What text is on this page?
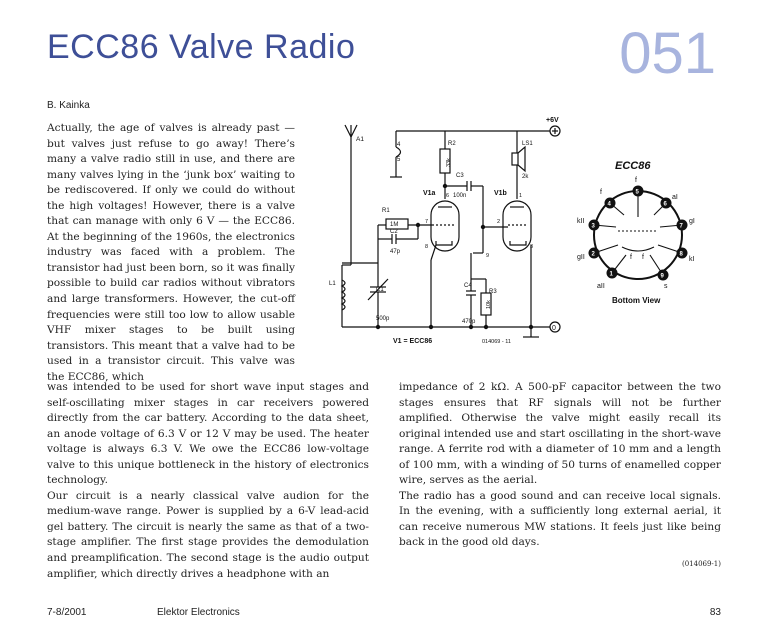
ECC86 Valve Radio	051
B. Kainka

Actually, the age of valves is already past — but valves just refuse to go away! There’s many a valve radio still in use, and there are many valves lying in the ‘junk box’ waiting to be rediscovered. If only we could do without the high voltages! However, there is a valve that can manage with only 6 V — the ECC86. At the beginning of the 1960s, the electronics industry was faced with a problem. The transistor had just been born, so it was finally possible to build car radios without vibrators and large transformers. However, the cut-off frequencies were still too low to allow usable VHF mixer stages to be built using transistors. This meant that a valve had to be used in a transistor circuit. This valve was the ECC86, which

was intended to be used for short wave input stages and self-oscillating mixer stages in car receivers powered directly from the car battery. According to the data sheet, an anode voltage of 6.3 V or 12 V may be used. The heater voltage is always 6.3 V. We owe the ECC86 low-voltage valve to this unique bottleneck in the history of electronics technology.

Our circuit is a nearly classical valve audion for the medium-wave range. Power is supplied by a 6-V lead-acid gel battery. The circuit is nearly the same as that of a two-stage amplifier. The first stage provides the demodulation and preamplification. The second stage is the audio output amplifier, which directly drives a headphone with an

impedance of 2 kΩ. A 500-pF capacitor between the two stages ensures that RF signals will not be further amplified. Otherwise the valve might easily recall its original intended use and start oscillating in the short-wave range. A ferrite rod with a diameter of 10 mm and a length of 100 mm, with a winding of 50 turns of enamelled copper wire, serves as the aerial.

The radio has a good sound and can receive local signals. In the evening, with a sufficiently long external aerial, it can receive numerous MW stations. It feels just like being back in the good old days.

(014069-1)
A1
+6V
4
5
R2
33k
C3
100n
LS1
2k
V1a 6
7
8
V1b 1
2
3
9
R1
1M
C2
47p
L1
C1
500p
C4
470p
R3
10k
0
V1 = ECC86	014069 - 11
ECC86
5
4	6
3	7
2	8
1	9
f
f
aI
gI
kI
s
aII
gII
kII
f f
Bottom View
7-8/2001	Elektor Electronics	83
